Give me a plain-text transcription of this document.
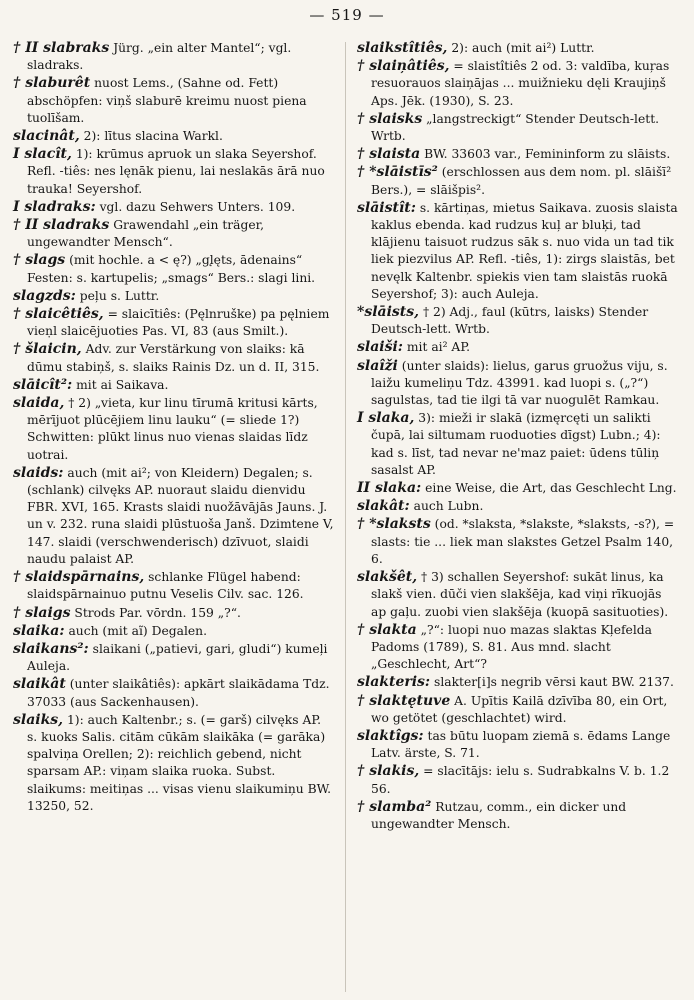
— 519 —
† II slabraks Jürg. „ein alter Mantel“; vgl. sladraks.
† slaburêt nuost Lems., (Sahne od. Fett) abschöpfen: viņš slaburē kreimu nuost piena tuolīšam.
slacinât, 2): lītus slacina Warkl.
I slacît, 1): krūmus apruok un slaka Seyershof. Refl. -tiês: nes lęnāk pienu, lai neslakās ārā nuo trauka! Seyershof.
I sladraks: vgl. dazu Sehwers Unters. 109.
† II sladraks Grawendahl „ein träger, ungewandter Mensch“.
† slags (mit hochle. a < ę?) „gl̨ęts, ādenains“ Festen: s. kartupelis; „smags“ Bers.: slagi lini.
slagzds: peļu s. Luttr.
† slaicêtiês, = slaicītiês: (Pęlnruške) pa pęlniem vieṇl slaicējuoties Pas. VI, 83 (aus Smilt.).
† šlaicin, Adv. zur Verstärkung von slaiks: kā dūmu stabiņš, s. slaiks Rainis Dz. un d. II, 315.
slāicît²: mit ai Saikava.
slaida, † 2) „vieta, kur linu tīrumā kritusi kārts, mērījuot plūcējiem linu lauku“ (= sliede 1?) Schwitten: plūkt linus nuo vienas slaidas līdz uotrai.
slaids: auch (mit ai²; von Kleidern) Degalen; s. (schlank) cilvęks AP. nuoraut slaidu dienvidu FBR. XVI, 165. Krasts slaidi nuožāvājās Jauns. J. un v. 232. runa slaidi plūstuoša Janš. Dzimtene V, 147. slaidi (verschwenderisch) dzīvuot, slaidi naudu palaist AP.
† slaidspārnains, schlanke Flügel habend: slaidspārnainuo putnu Veselis Cilv. sac. 126.
† slaigs Strods Par. vōrdn. 159 „?“.
slaika: auch (mit aĩ) Degalen.
slaikans²: slaikani („patievi, gari, gludi“) kumeļi Auleja.
slaikât (unter slaikâtiês): apkārt slaikādama Tdz. 37033 (aus Sackenhausen).
slaiks, 1): auch Kaltenbr.; s. (= garš) cilvęks AP. s. kuoks Salis. citām cūkām slaikāka (= garāka) spalviņa Orellen; 2): reichlich gebend, nicht sparsam AP.: viņam slaika ruoka. Subst. slaikums: meitiņas ... visas vienu slaikumiņu BW. 13250, 52.
slaikstîtiês, 2): auch (mit ai²) Luttr.
† slaiņâtiês, = slaistîtiês 2 od. 3: valdība, kuŗas resuorauos slaiņājas ... muižnieku dęli Kraujiņš Aps. Jēk. (1930), S. 23.
† slaisks „langstreckigt“ Stender Deutsch-lett. Wrtb.
† slaista BW. 33603 var., Femininform zu slāists.
† *slāistīs² (erschlossen aus dem nom. pl. slāišī² Bers.), = slāišpis².
slāistît: s. kārtiņas, mietus Saikava. zuosis slaista kaklus ebenda. kad rudzus kuļ ar bluķi, tad klājienu taisuot rudzus sāk s. nuo vida un tad tik liek piezvilus AP. Refl. -tiês, 1): zirgs slaistās, bet nevęlk Kaltenbr. spiekis vien tam slaistās ruokā Seyershof; 3): auch Auleja.
*slāists, † 2) Adj., faul (kūtrs, laisks) Stender Deutsch-lett. Wrtb.
slaiši: mit ai² AP.
slaîži (unter slaids): lielus, garus gruožus viju, s. laižu kumeliņu Tdz. 43991. kad luopi s. („?“) sagulstas, tad tie ilgi tā var nuogulēt Ramkau.
I slaka, 3): mieži ir slakā (izmęrcęti un salikti čupā, lai siltumam ruoduoties dīgst) Lubn.; 4): kad s. līst, tad nevar ne'maz paiet: ūdens tūliņ sasalst AP.
II slaka: eine Weise, die Art, das Geschlecht Lng.
slakât: auch Lubn.
† *slaksts (od. *slaksta, *slakste, *slaksts, -s?), = slasts: tie ... liek man slakstes Getzel Psalm 140, 6.
slakšêt, † 3) schallen Seyershof: sukāt linus, ka slakš vien. dūči vien slakšēja, kad viņi rīkuojās ap gaļu. zuobi vien slakšēja (kuopā sasituoties).
† slakta „?“: luopi nuo mazas slaktas Kļefelda Padoms (1789), S. 81. Aus mnd. slacht „Geschlecht, Art“?
slakteris: slakter[i]s negrib vērsi kaut BW. 2137.
† slaktętuve A. Upītis Kailā dzīvība 80, ein Ort, wo getötet (geschlachtet) wird.
slaktîgs: tas būtu luopam ziemā s. ēdams Lange Latv. ärste, S. 71.
† slakis, = slacītājs: ielu s. Sudrabkalns V. b. 1.2 56.
† slamba² Rutzau, comm., ein dicker und ungewandter Mensch.
